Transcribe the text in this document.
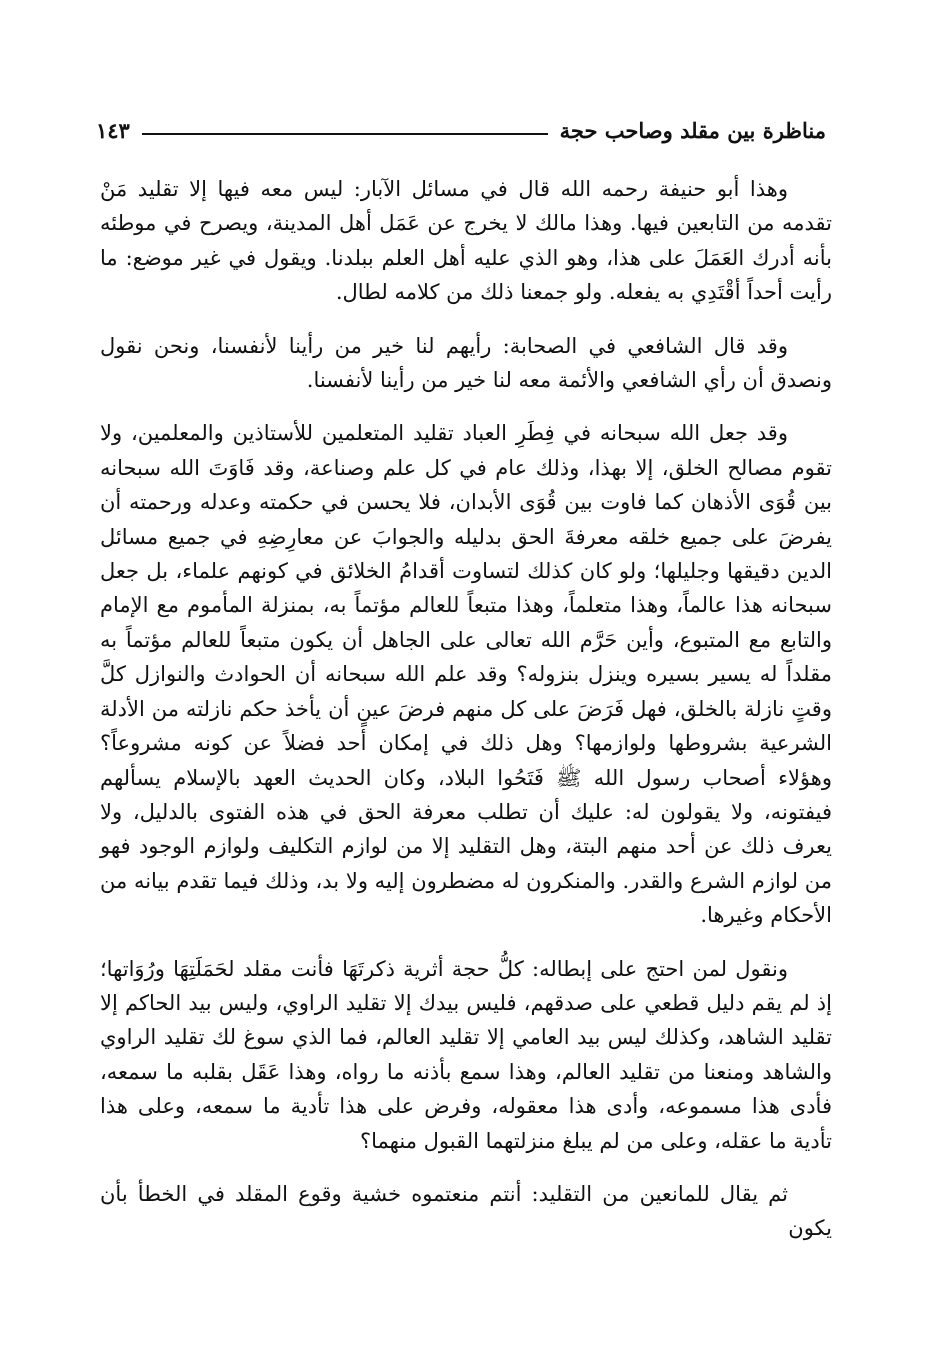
مناظرة بين مقلد وصاحب حجة
١٤٣

وهذا أبو حنيفة رحمه الله قال في مسائل الآبار: ليس معه فيها إلا تقليد مَنْ تقدمه من التابعين فيها. وهذا مالك لا يخرج عن عَمَل أهل المدينة، ويصرح في موطئه بأنه أدرك العَمَلَ على هذا، وهو الذي عليه أهل العلم ببلدنا. ويقول في غير موضع: ما رأيت أحداً أقْتَدِي به يفعله. ولو جمعنا ذلك من كلامه لطال.

وقد قال الشافعي في الصحابة: رأيهم لنا خير من رأينا لأنفسنا، ونحن نقول ونصدق أن رأي الشافعي والأئمة معه لنا خير من رأينا لأنفسنا.

وقد جعل الله سبحانه في فِطَرِ العباد تقليد المتعلمين للأستاذين والمعلمين، ولا تقوم مصالح الخلق، إلا بهذا، وذلك عام في كل علم وصناعة، وقد فَاوَتَ الله سبحانه بين قُوَى الأذهان كما فاوت بين قُوَى الأبدان، فلا يحسن في حكمته وعدله ورحمته أن يفرضَ على جميع خلقه معرفةَ الحق بدليله والجوابَ عن معارِضِهِ في جميع مسائل الدين دقيقها وجليلها؛ ولو كان كذلك لتساوت أقدامُ الخلائق في كونهم علماء، بل جعل سبحانه هذا عالماً، وهذا متعلماً، وهذا متبعاً للعالم مؤتماً به، بمنزلة المأموم مع الإمام والتابع مع المتبوع، وأين حَرَّم الله تعالى على الجاهل أن يكون متبعاً للعالم مؤتماً به مقلداً له يسير بسيره وينزل بنزوله؟ وقد علم الله سبحانه أن الحوادث والنوازل كلَّ وقتٍ نازلة بالخلق، فهل فَرَضَ على كل منهم فرضَ عينٍ أن يأخذ حكم نازلته من الأدلة الشرعية بشروطها ولوازمها؟ وهل ذلك في إمكان أحد فضلاً عن كونه مشروعاً؟ وهؤلاء أصحاب رسول الله ﷺ فَتَحُوا البلاد، وكان الحديث العهد بالإسلام يسألهم فيفتونه، ولا يقولون له: عليك أن تطلب معرفة الحق في هذه الفتوى بالدليل، ولا يعرف ذلك عن أحد منهم البتة، وهل التقليد إلا من لوازم التكليف ولوازم الوجود فهو من لوازم الشرع والقدر. والمنكرون له مضطرون إليه ولا بد، وذلك فيما تقدم بيانه من الأحكام وغيرها.

ونقول لمن احتج على إبطاله: كلُّ حجة أثرية ذكرتَهَا فأنت مقلد لحَمَلَتِهَا ورُوَاتها؛ إذ لم يقم دليل قطعي على صدقهم، فليس بيدك إلا تقليد الراوي، وليس بيد الحاكم إلا تقليد الشاهد، وكذلك ليس بيد العامي إلا تقليد العالم، فما الذي سوغ لك تقليد الراوي والشاهد ومنعنا من تقليد العالم، وهذا سمع بأذنه ما رواه، وهذا عَقَل بقلبه ما سمعه، فأدى هذا مسموعه، وأدى هذا معقوله، وفرض على هذا تأدية ما سمعه، وعلى هذا تأدية ما عقله، وعلى من لم يبلغ منزلتهما القبول منهما؟

ثم يقال للمانعين من التقليد: أنتم منعتموه خشية وقوع المقلد في الخطأ بأن يكون
